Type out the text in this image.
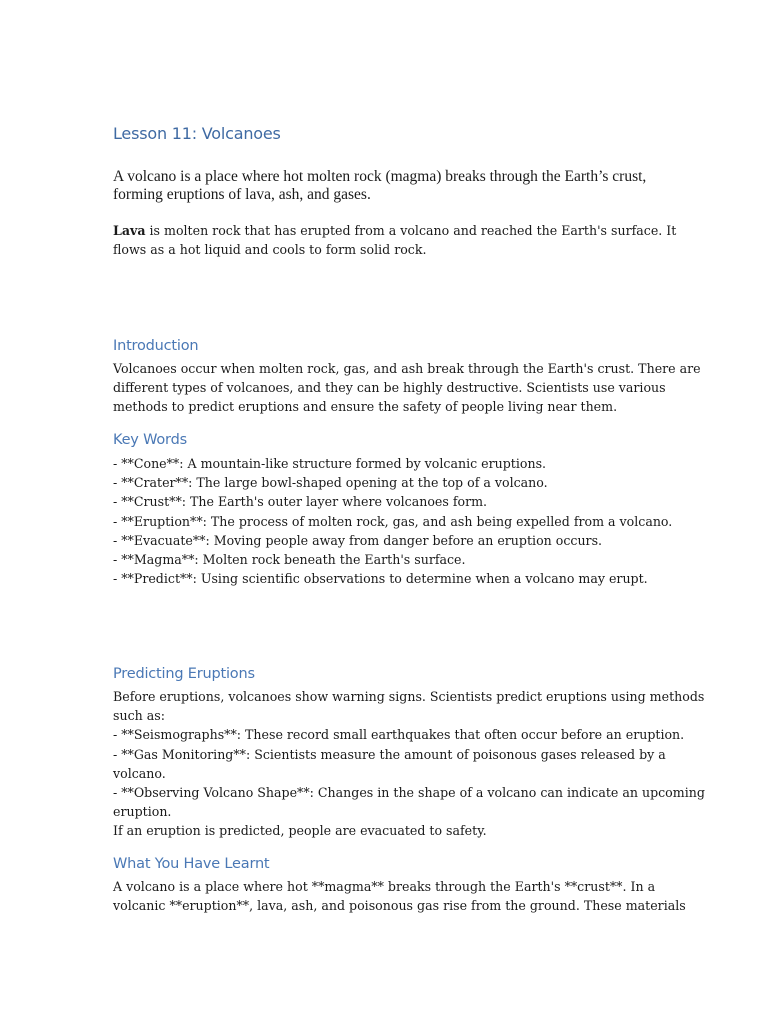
Lesson 11: Volcanoes

A volcano is a place where hot molten rock (magma) breaks through the Earth’s crust,
forming eruptions of lava, ash, and gases.

Lava is molten rock that has erupted from a volcano and reached the Earth's surface. It
flows as a hot liquid and cools to form solid rock.

Introduction

Volcanoes occur when molten rock, gas, and ash break through the Earth's crust. There are
different types of volcanoes, and they can be highly destructive. Scientists use various
methods to predict eruptions and ensure the safety of people living near them.

Key Words

- **Cone**: A mountain-like structure formed by volcanic eruptions.
- **Crater**: The large bowl-shaped opening at the top of a volcano.
- **Crust**: The Earth's outer layer where volcanoes form.
- **Eruption**: The process of molten rock, gas, and ash being expelled from a volcano.
- **Evacuate**: Moving people away from danger before an eruption occurs.
- **Magma**: Molten rock beneath the Earth's surface.
- **Predict**: Using scientific observations to determine when a volcano may erupt.

Predicting Eruptions

Before eruptions, volcanoes show warning signs. Scientists predict eruptions using methods
such as:
- **Seismographs**: These record small earthquakes that often occur before an eruption.
- **Gas Monitoring**: Scientists measure the amount of poisonous gases released by a
volcano.
- **Observing Volcano Shape**: Changes in the shape of a volcano can indicate an upcoming
eruption.
If an eruption is predicted, people are evacuated to safety.

What You Have Learnt

A volcano is a place where hot **magma** breaks through the Earth's **crust**. In a
volcanic **eruption**, lava, ash, and poisonous gas rise from the ground. These materials
